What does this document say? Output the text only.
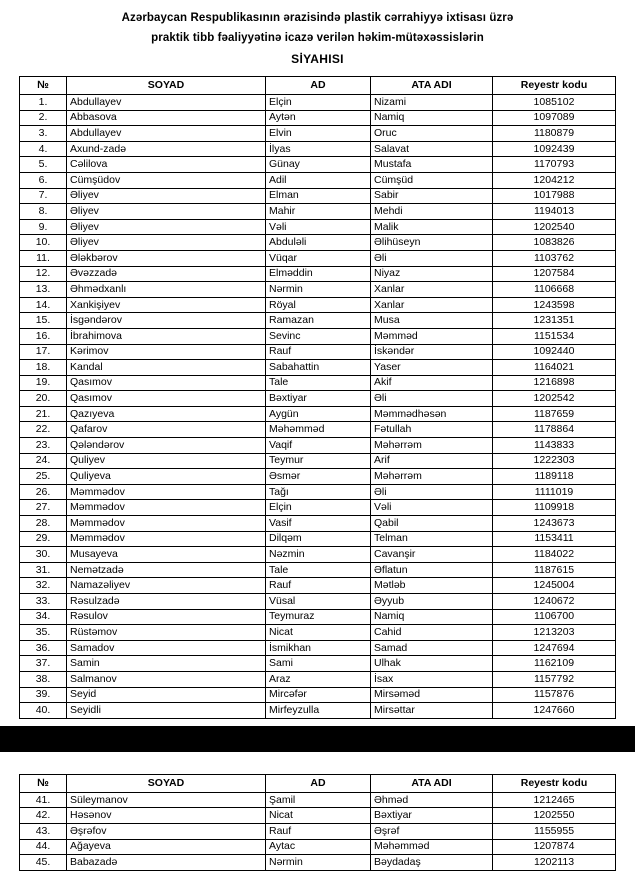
Azərbaycan Respublikasının ərazisində plastik cərrahiyyə ixtisası üzrə
praktik tibb fəaliyyətinə icazə verilən həkim-mütəxəssislərin
SİYAHISI
№	SOYAD	AD	ATA ADI	Reyestr kodu
1.	Abdullayev	Elçin	Nizami	1085102
2.	Abbasova	Aytən	Namiq	1097089
3.	Abdullayev	Elvin	Oruc	1180879
4.	Axund-zadə	İlyas	Salavat	1092439
5.	Cəlilova	Günay	Mustafa	1170793
6.	Cümşüdov	Adil	Cümşüd	1204212
7.	Əliyev	Elman	Sabir	1017988
8.	Əliyev	Mahir	Mehdi	1194013
9.	Əliyev	Vəli	Malik	1202540
10.	Əliyev	Abduləli	Əlihüseyn	1083826
11.	Ələkbərov	Vüqar	Əli	1103762
12.	Əvəzzadə	Elməddin	Niyaz	1207584
13.	Əhmədxanlı	Nərmin	Xanlar	1106668
14.	Xankişiyev	Röyal	Xanlar	1243598
15.	İsgəndərov	Ramazan	Musa	1231351
16.	İbrahimova	Sevinc	Məmməd	1151534
17.	Kərimov	Rauf	İskəndər	1092440
18.	Kandal	Sabahattin	Yaser	1164021
19.	Qasımov	Talе	Akif	1216898
20.	Qasımov	Bəxtiyar	Əli	1202542
21.	Qazıyeva	Aygün	Məmmədhəsən	1187659
22.	Qafarov	Məhəmməd	Fətullah	1178864
23.	Qələndərov	Vaqif	Məhərrəm	1143833
24.	Quliyev	Teymur	Arif	1222303
25.	Quliyeva	Əsmər	Məhərrəm	1189118
26.	Məmmədov	Tağı	Əli	1111019
27.	Məmmədov	Elçin	Vəli	1109918
28.	Məmmədov	Vasif	Qabil	1243673
29.	Məmmədov	Dilqəm	Telman	1153411
30.	Musayeva	Nəzmin	Cavanşir	1184022
31.	Nemətzadə	Tale	Əflatun	1187615
32.	Namazəliyev	Rauf	Mətləb	1245004
33.	Rəsulzadə	Vüsal	Əyyub	1240672
34.	Rəsulov	Teymuraz	Namiq	1106700
35.	Rüstəmov	Nicat	Cahid	1213203
36.	Samadov	İsmikhan	Samad	1247694
37.	Samin	Sami	Ulhak	1162109
38.	Salmanov	Araz	İsax	1157792
39.	Seyid	Mircəfər	Mirsəməd	1157876
40.	Seyidli	Mirfeyzulla	Mirsəttar	1247660
№	SOYAD	AD	ATA ADI	Reyestr kodu
41.	Süleymanov	Şamil	Əhməd	1212465
42.	Həsənov	Nicat	Bəxtiyar	1202550
43.	Əşrəfov	Rauf	Əşrəf	1155955
44.	Ağayeva	Aytac	Məhəmməd	1207874
45.	Babazadə	Nərmin	Bəydadaş	1202113
